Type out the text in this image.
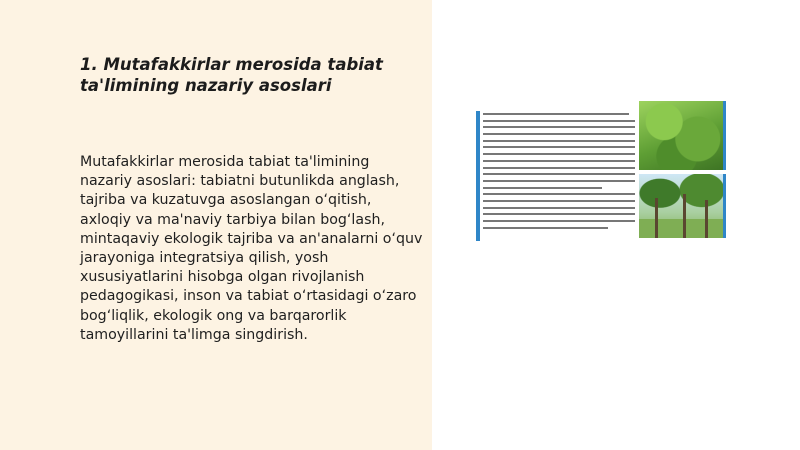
1. Mutafakkirlar merosida tabiat ta'limining nazariy asoslari

Mutafakkirlar merosida tabiat ta'limining nazariy asoslari: tabiatni butunlikda anglash, tajriba va kuzatuvga asoslangan o‘qitish, axloqiy va ma'naviy tarbiya bilan bog‘lash, mintaqaviy ekologik tajriba va an'analarni o‘quv jarayoniga integratsiya qilish, yosh xususiyatlarini hisobga olgan rivojlanish pedagogikasi, inson va tabiat o‘rtasidagi o‘zaro bog‘liqlik, ekologik ong va barqarorlik tamoyillarini ta'limga singdirish.
